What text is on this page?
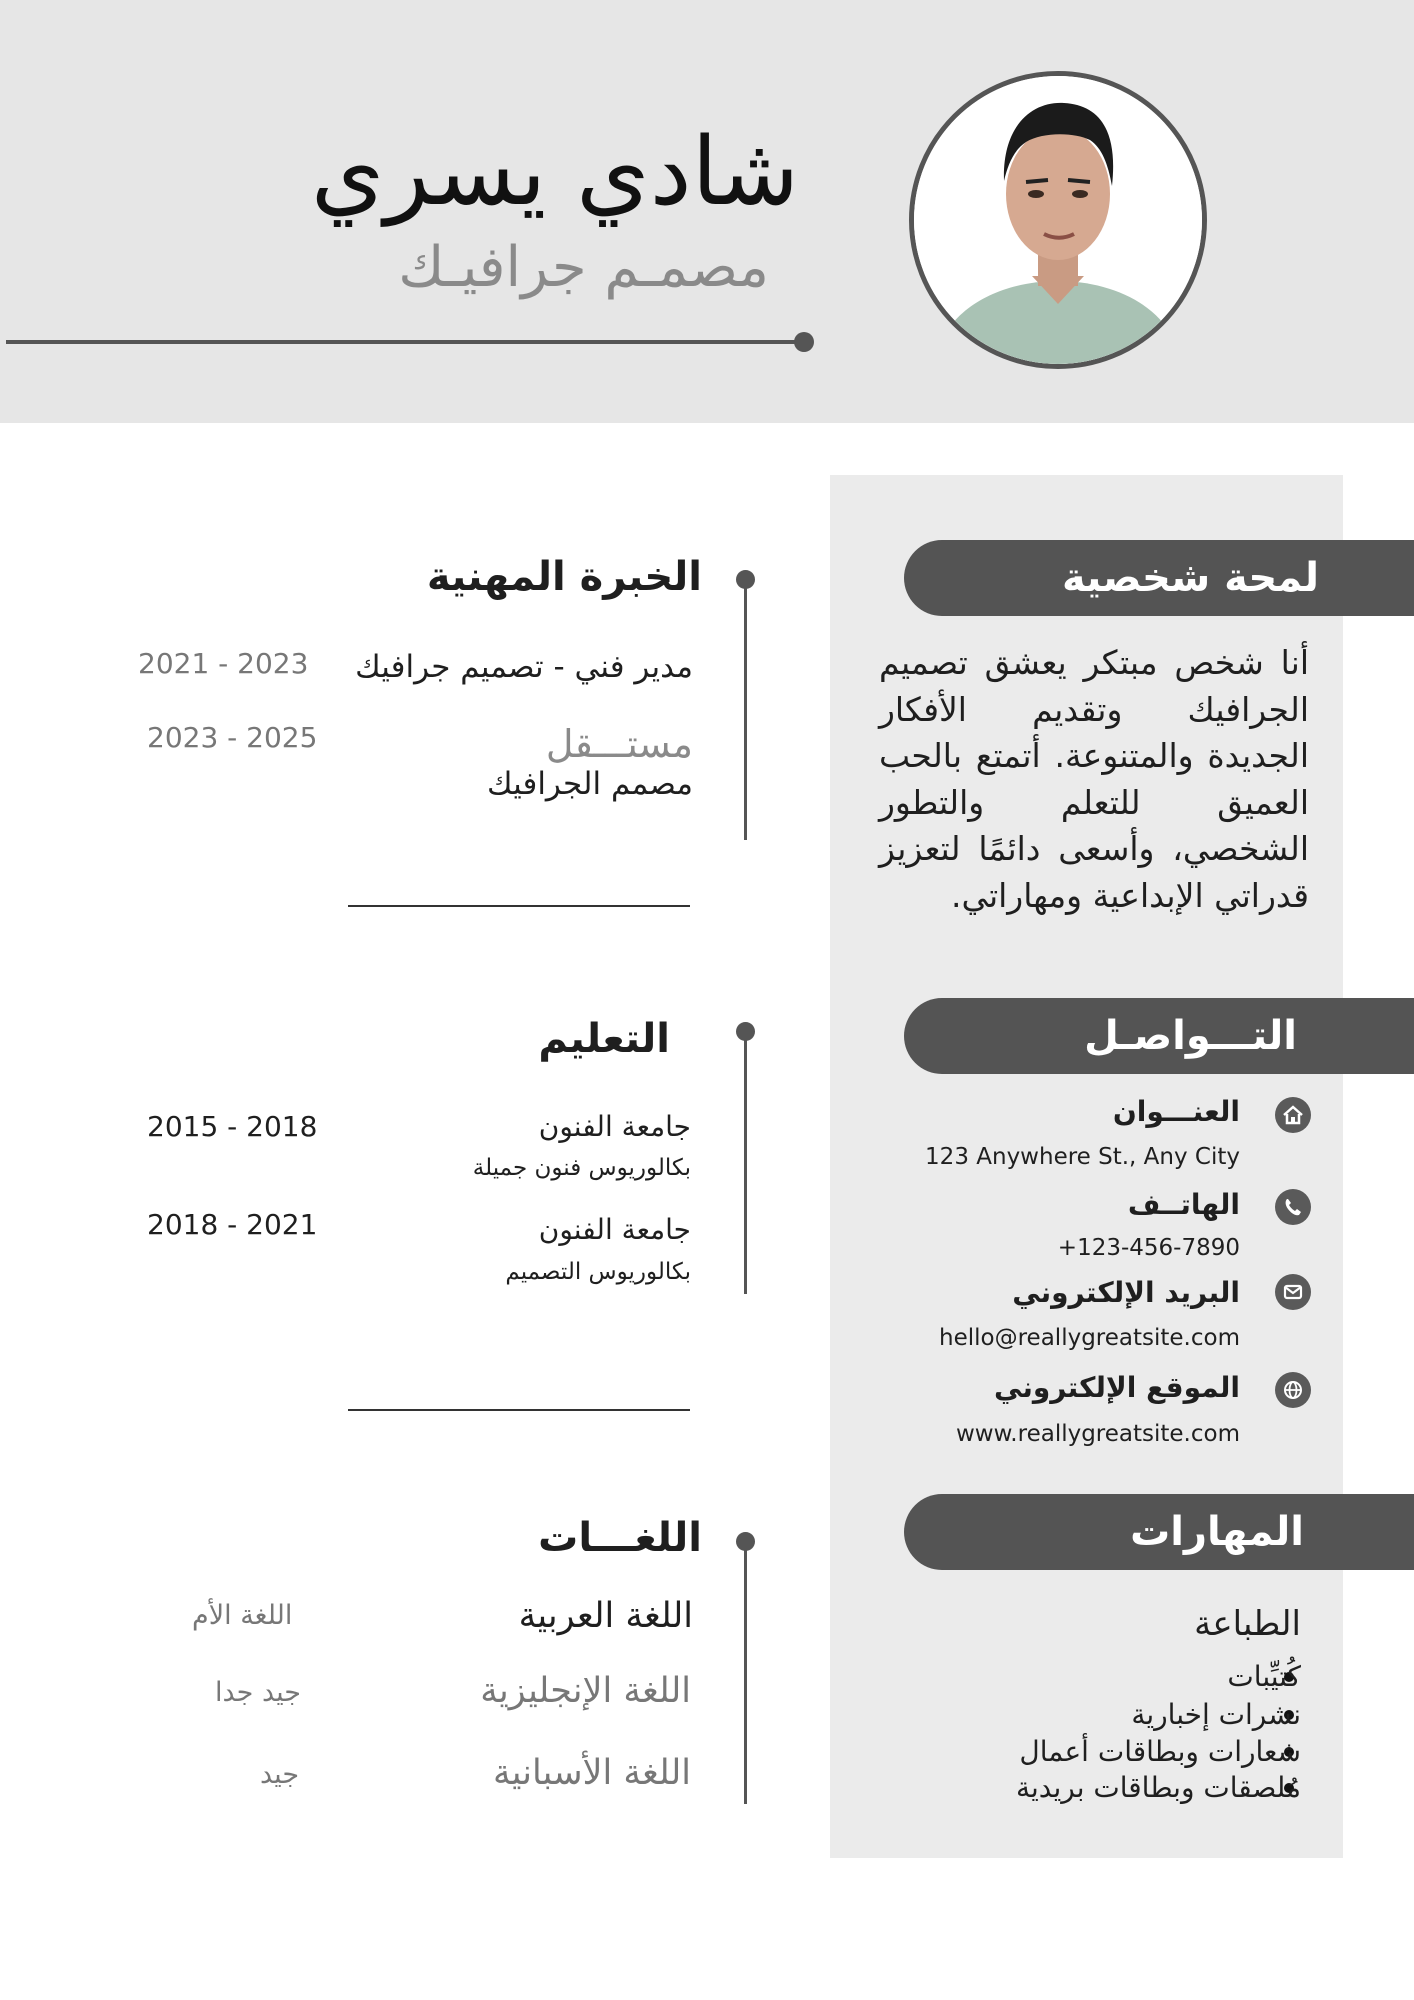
شادي يسري
مصمـم جرافيـك
لمحة شخصية
أنا شخص مبتكر يعشق تصميم الجرافيك وتقديم الأفكار الجديدة والمتنوعة. أتمتع بالحب العميق للتعلم والتطور الشخصي، وأسعى دائمًا لتعزيز قدراتي الإبداعية ومهاراتي.
التـــواصـل
العنـــوان
123 Anywhere St., Any City
الهاتــف
+123-456-7890
البريد الإلكتروني
hello@reallygreatsite.com
الموقع الإلكتروني
www.reallygreatsite.com
المهارات
الطباعة
كُتيِّبات
نشرات إخبارية
شعارات وبطاقات أعمال
مُلصقات وبطاقات بريدية
الخبرة المهنية
مدير فني - تصميم جرافيك
2021 - 2023
مستـــقل
مصمم الجرافيك
2023 - 2025
التعليم
جامعة الفنون
بكالوريوس فنون جميلة
2015 - 2018
جامعة الفنون
بكالوريوس التصميم
2018 - 2021
اللغـــات
اللغة العربية
اللغة الأم
اللغة الإنجليزية
جيد جدا
اللغة الأسبانية
جيد
